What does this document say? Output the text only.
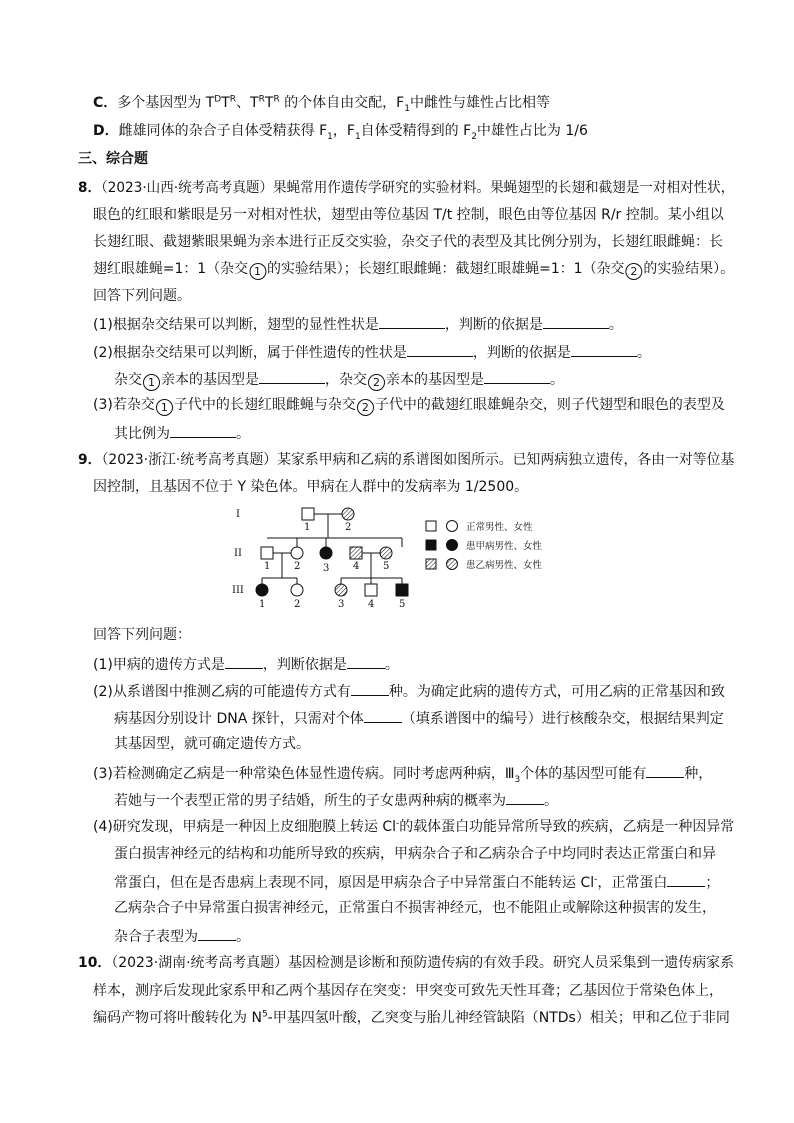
C．多个基因型为 $T^DT^R$、$T^RT^R$ 的个体自由交配，$F_1$中雌性与雄性占比相等
D．雌雄同体的杂合子自体受精获得 $F_1$，$F_1$自体受精得到的 $F_2$中雄性占比为 1/6
三、综合题
8．（2023·山西·统考高考真题）果蝇常用作遗传学研究的实验材料。果蝇翅型的长翅和截翅是一对相对性状，
眼色的红眼和紫眼是另一对相对性状，翅型由等位基因 T/t 控制，眼色由等位基因 R/r 控制。某小组以
长翅红眼、截翅紫眼果蝇为亲本进行正反交实验，杂交子代的表型及其比例分别为，长翅红眼雌蝇：长
翅红眼雄蝇=1：1（杂交 1 的实验结果）；长翅红眼雌蝇：截翅红眼雄蝇=1：1（杂交 2 的实验结果）。
回答下列问题。
(1)根据杂交结果可以判断，翅型的显性性状是	，判断的依据是	。
(2)根据杂交结果可以判断，属于伴性遗传的性状是	，判断的依据是	。
杂交 1 亲本的基因型是	，杂交 2 亲本的基因型是	。
(3)若杂交 1 子代中的长翅红眼雌蝇与杂交 2 子代中的截翅红眼雄蝇杂交，则子代翅型和眼色的表型及
其比例为	。
9．（2023·浙江·统考高考真题）某家系甲病和乙病的系谱图如图所示。已知两病独立遗传，各由一对等位基
因控制，且基因不位于 Y 染色体。甲病在人群中的发病率为 1/2500。
I
II
III
1	2
1 2 3 4 5
1	2	3 4 5
正常男性、女性
患甲病男性、女性
患乙病男性、女性
回答下列问题：
(1)甲病的遗传方式是	，判断依据是	。
(2)从系谱图中推测乙病的可能遗传方式有	种。为确定此病的遗传方式，可用乙病的正常基因和致
病基因分别设计 DNA 探针，只需对个体	（填系谱图中的编号）进行核酸杂交，根据结果判定
其基因型，就可确定遗传方式。
(3)若检测确定乙病是一种常染色体显性遗传病。同时考虑两种病，$Ⅲ_3$个体的基因型可能有	种，
若她与一个表型正常的男子结婚，所生的子女患两种病的概率为	。
(4)研究发现，甲病是一种因上皮细胞膜上转运 Cl-的载体蛋白功能异常所导致的疾病，乙病是一种因异常
蛋白损害神经元的结构和功能所导致的疾病，甲病杂合子和乙病杂合子中均同时表达正常蛋白和异
常蛋白，但在是否患病上表现不同，原因是甲病杂合子中异常蛋白不能转运 Cl-，正常蛋白	；
乙病杂合子中异常蛋白损害神经元，正常蛋白不损害神经元，也不能阻止或解除这种损害的发生，
杂合子表型为	。
10．（2023·湖南·统考高考真题）基因检测是诊断和预防遗传病的有效手段。研究人员采集到一遗传病家系
样本，测序后发现此家系甲和乙两个基因存在突变：甲突变可致先天性耳聋；乙基因位于常染色体上，
编码产物可将叶酸转化为 $N^5-$甲基四氢叶酸，乙突变与胎儿神经管缺陷（NTDs）相关；甲和乙位于非同
